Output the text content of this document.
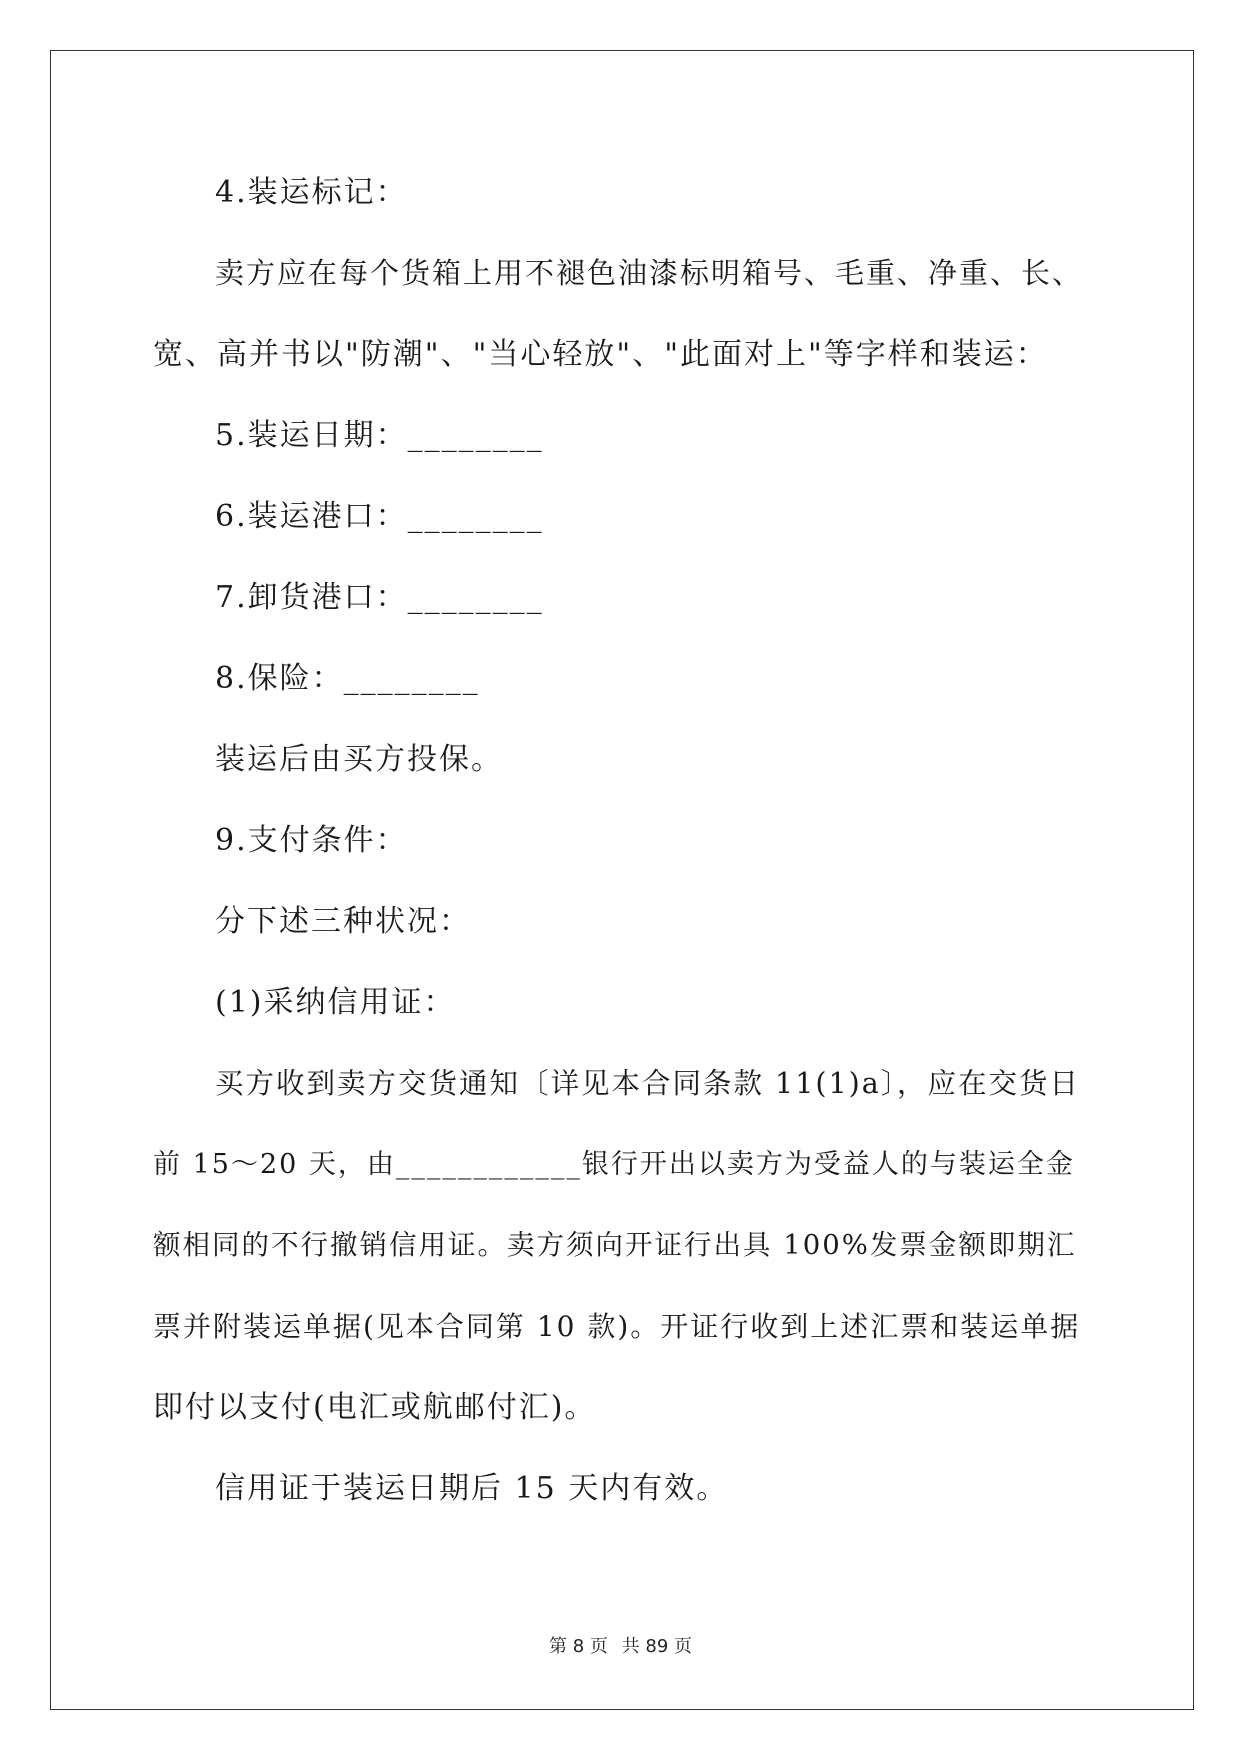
4.装运标记：

卖方应在每个货箱上用不褪色油漆标明箱号、毛重、净重、长、

宽、高并书以"防潮"、"当心轻放"、"此面对上"等字样和装运：

5.装运日期：________

6.装运港口：________

7.卸货港口：________

8.保险：________

装运后由买方投保。

9.支付条件：

分下述三种状况：

(1)采纳信用证：

买方收到卖方交货通知〔详见本合同条款 11(1)a〕，应在交货日

前 15～20 天，由____________银行开出以卖方为受益人的与装运全金

额相同的不行撤销信用证。卖方须向开证行出具 100%发票金额即期汇

票并附装运单据(见本合同第 10 款)。开证行收到上述汇票和装运单据

即付以支付(电汇或航邮付汇)。

信用证于装运日期后 15 天内有效。

第 8 页 共 89 页
